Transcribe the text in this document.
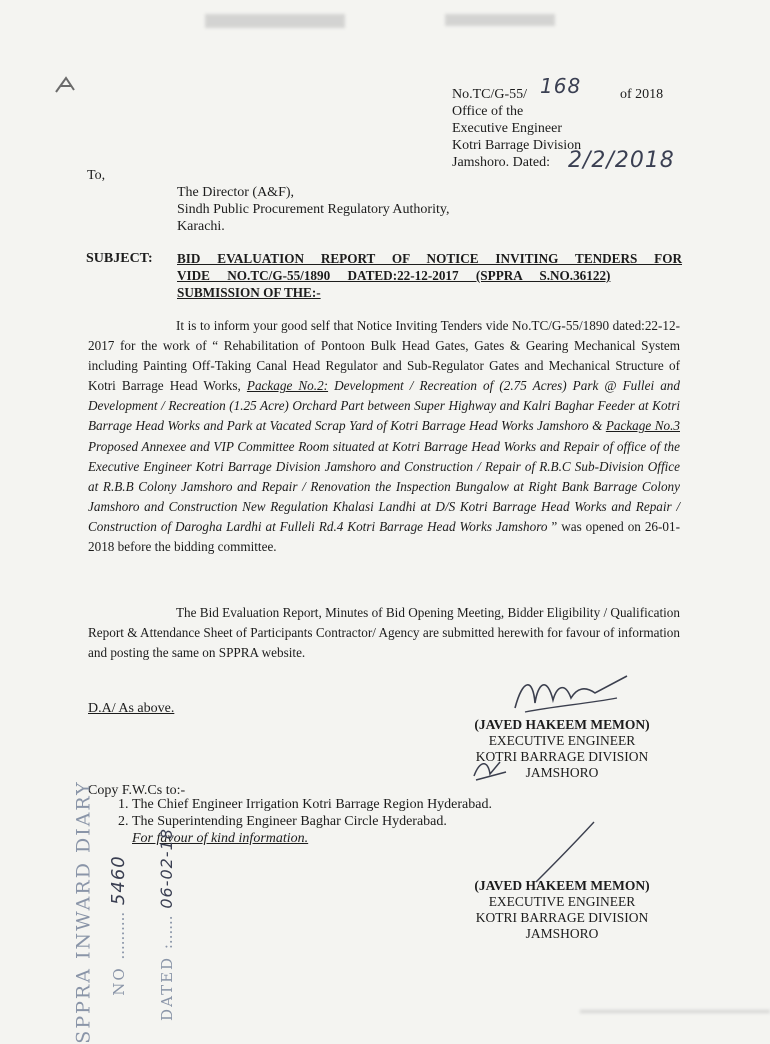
No.TC/G-55/ 168	of 2018
Office of the
Executive Engineer
Kotri Barrage Division
Jamshoro. Dated: 2/2/2018
To,
The Director (A&F),
Sindh Public Procurement Regulatory Authority,
Karachi.
SUBJECT: BID EVALUATION REPORT OF NOTICE INVITING TENDERS FOR
VIDE NO.TC/G-55/1890 DATED:22-12-2017 (SPPRA S.NO.36122)
SUBMISSION OF THE:-
It is to inform your good self that Notice Inviting Tenders vide No.TC/G-55/1890 dated:22-12-2017 for the work of “ Rehabilitation of Pontoon Bulk Head Gates, Gates & Gearing Mechanical System including Painting Off-Taking Canal Head Regulator and Sub-Regulator Gates and Mechanical Structure of Kotri Barrage Head Works, Package No.2: Development / Recreation of (2.75 Acres) Park @ Fullei and Development / Recreation (1.25 Acre) Orchard Part between Super Highway and Kalri Baghar Feeder at Kotri Barrage Head Works and Park at Vacated Scrap Yard of Kotri Barrage Head Works Jamshoro & Package No.3 Proposed Annexee and VIP Committee Room situated at Kotri Barrage Head Works and Repair of office of the Executive Engineer Kotri Barrage Division Jamshoro and Construction / Repair of R.B.C Sub-Division Office at R.B.B Colony Jamshoro and Repair / Renovation the Inspection Bungalow at Right Bank Barrage Colony Jamshoro and Construction New Regulation Khalasi Landhi at D/S Kotri Barrage Head Works and Repair / Construction of Darogha Lardhi at Fulleli Rd.4 Kotri Barrage Head Works Jamshoro ” was opened on 26-01-2018 before the bidding committee.
The Bid Evaluation Report, Minutes of Bid Opening Meeting, Bidder Eligibility / Qualification Report & Attendance Sheet of Participants Contractor/ Agency are submitted herewith for favour of information and posting the same on SPPRA website.
D.A/ As above.
(JAVED HAKEEM MEMON)
EXECUTIVE ENGINEER
KOTRI BARRAGE DIVISION
JAMSHORO
Copy F.W.Cs to:-
1. The Chief Engineer Irrigation Kotri Barrage Region Hyderabad.
2. The Superintending Engineer Baghar Circle Hyderabad.
For favour of kind information.
(JAVED HAKEEM MEMON)
EXECUTIVE ENGINEER
KOTRI BARRAGE DIVISION
JAMSHORO
SPPRA INWARD DIARY NO .......... 5460
DATED :...... 06-02-18
